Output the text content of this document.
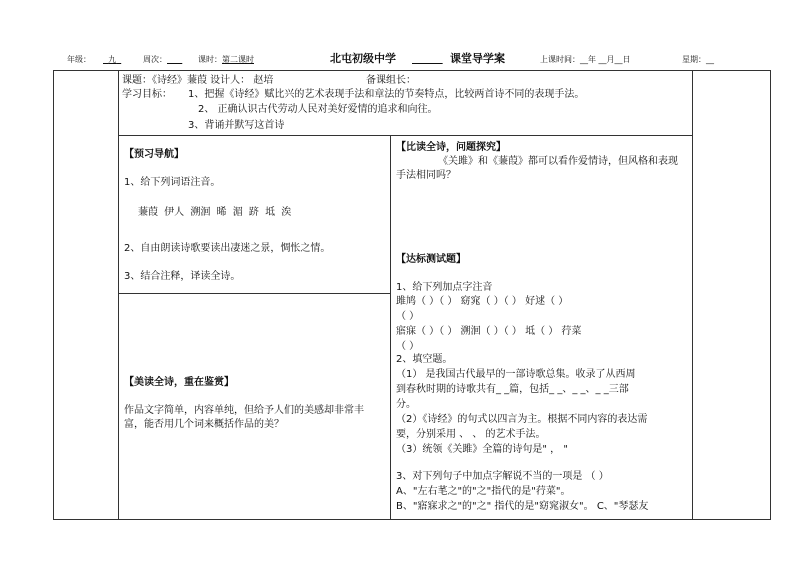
年级：	九	周次：	课时：第二课时	北屯初级中学
	课堂导学案	上课时间：__年 __月__日	星期：__
课题：《诗经》蒹葭 设计人： 赵培	备课组长：
学习目标： 1、把握《诗经》赋比兴的艺术表现手法和章法的节奏特点，比较两首诗不同的表现手法。
2、 正确认识古代劳动人民对美好爱情的追求和向往。
3、背诵并默写这首诗
【预习导航】
1、给下列词语注音。
蒹葭 伊人 溯洄 晞 湄 跻 坻 涘
2、自由朗读诗歌要读出凄迷之景，惆怅之情。
3、结合注释，译读全诗。
【美读全诗，重在鉴赏】
作品文字简单，内容单纯，但给予人们的美感却非常丰富，能否用几个词来概括作品的美？
【比读全诗，问题探究】
《关雎》和《蒹葭》都可以看作爱情诗，但风格和表现手法相同吗？
【达标测试题】
1、给下列加点字注音
雎鸠（ ）（ ） 窈窕（ ）（ ） 好逑（ ）
（ ）
寤寐（ ）（ ） 溯洄（ ）（ ） 坻（ ） 荇菜
（ ）
2、填空题。
（1） 是我国古代最早的一部诗歌总集。收录了从西周
到春秋时期的诗歌共有_ _篇，包括_ _、_ _、_ _三部
分。
（2）《诗经》的句式以四言为主。根据不同内容的表达需
要，分别采用 、 、 的艺术手法。
（3）统领《关雎》全篇的诗句是" ， "
3、对下列句子中加点字解说不当的一项是 （ ）
A、"左右芼之"的"之"指代的是"荇菜"。
B、"寤寐求之"的"之" 指代的是"窈窕淑女"。 C、"琴瑟友
